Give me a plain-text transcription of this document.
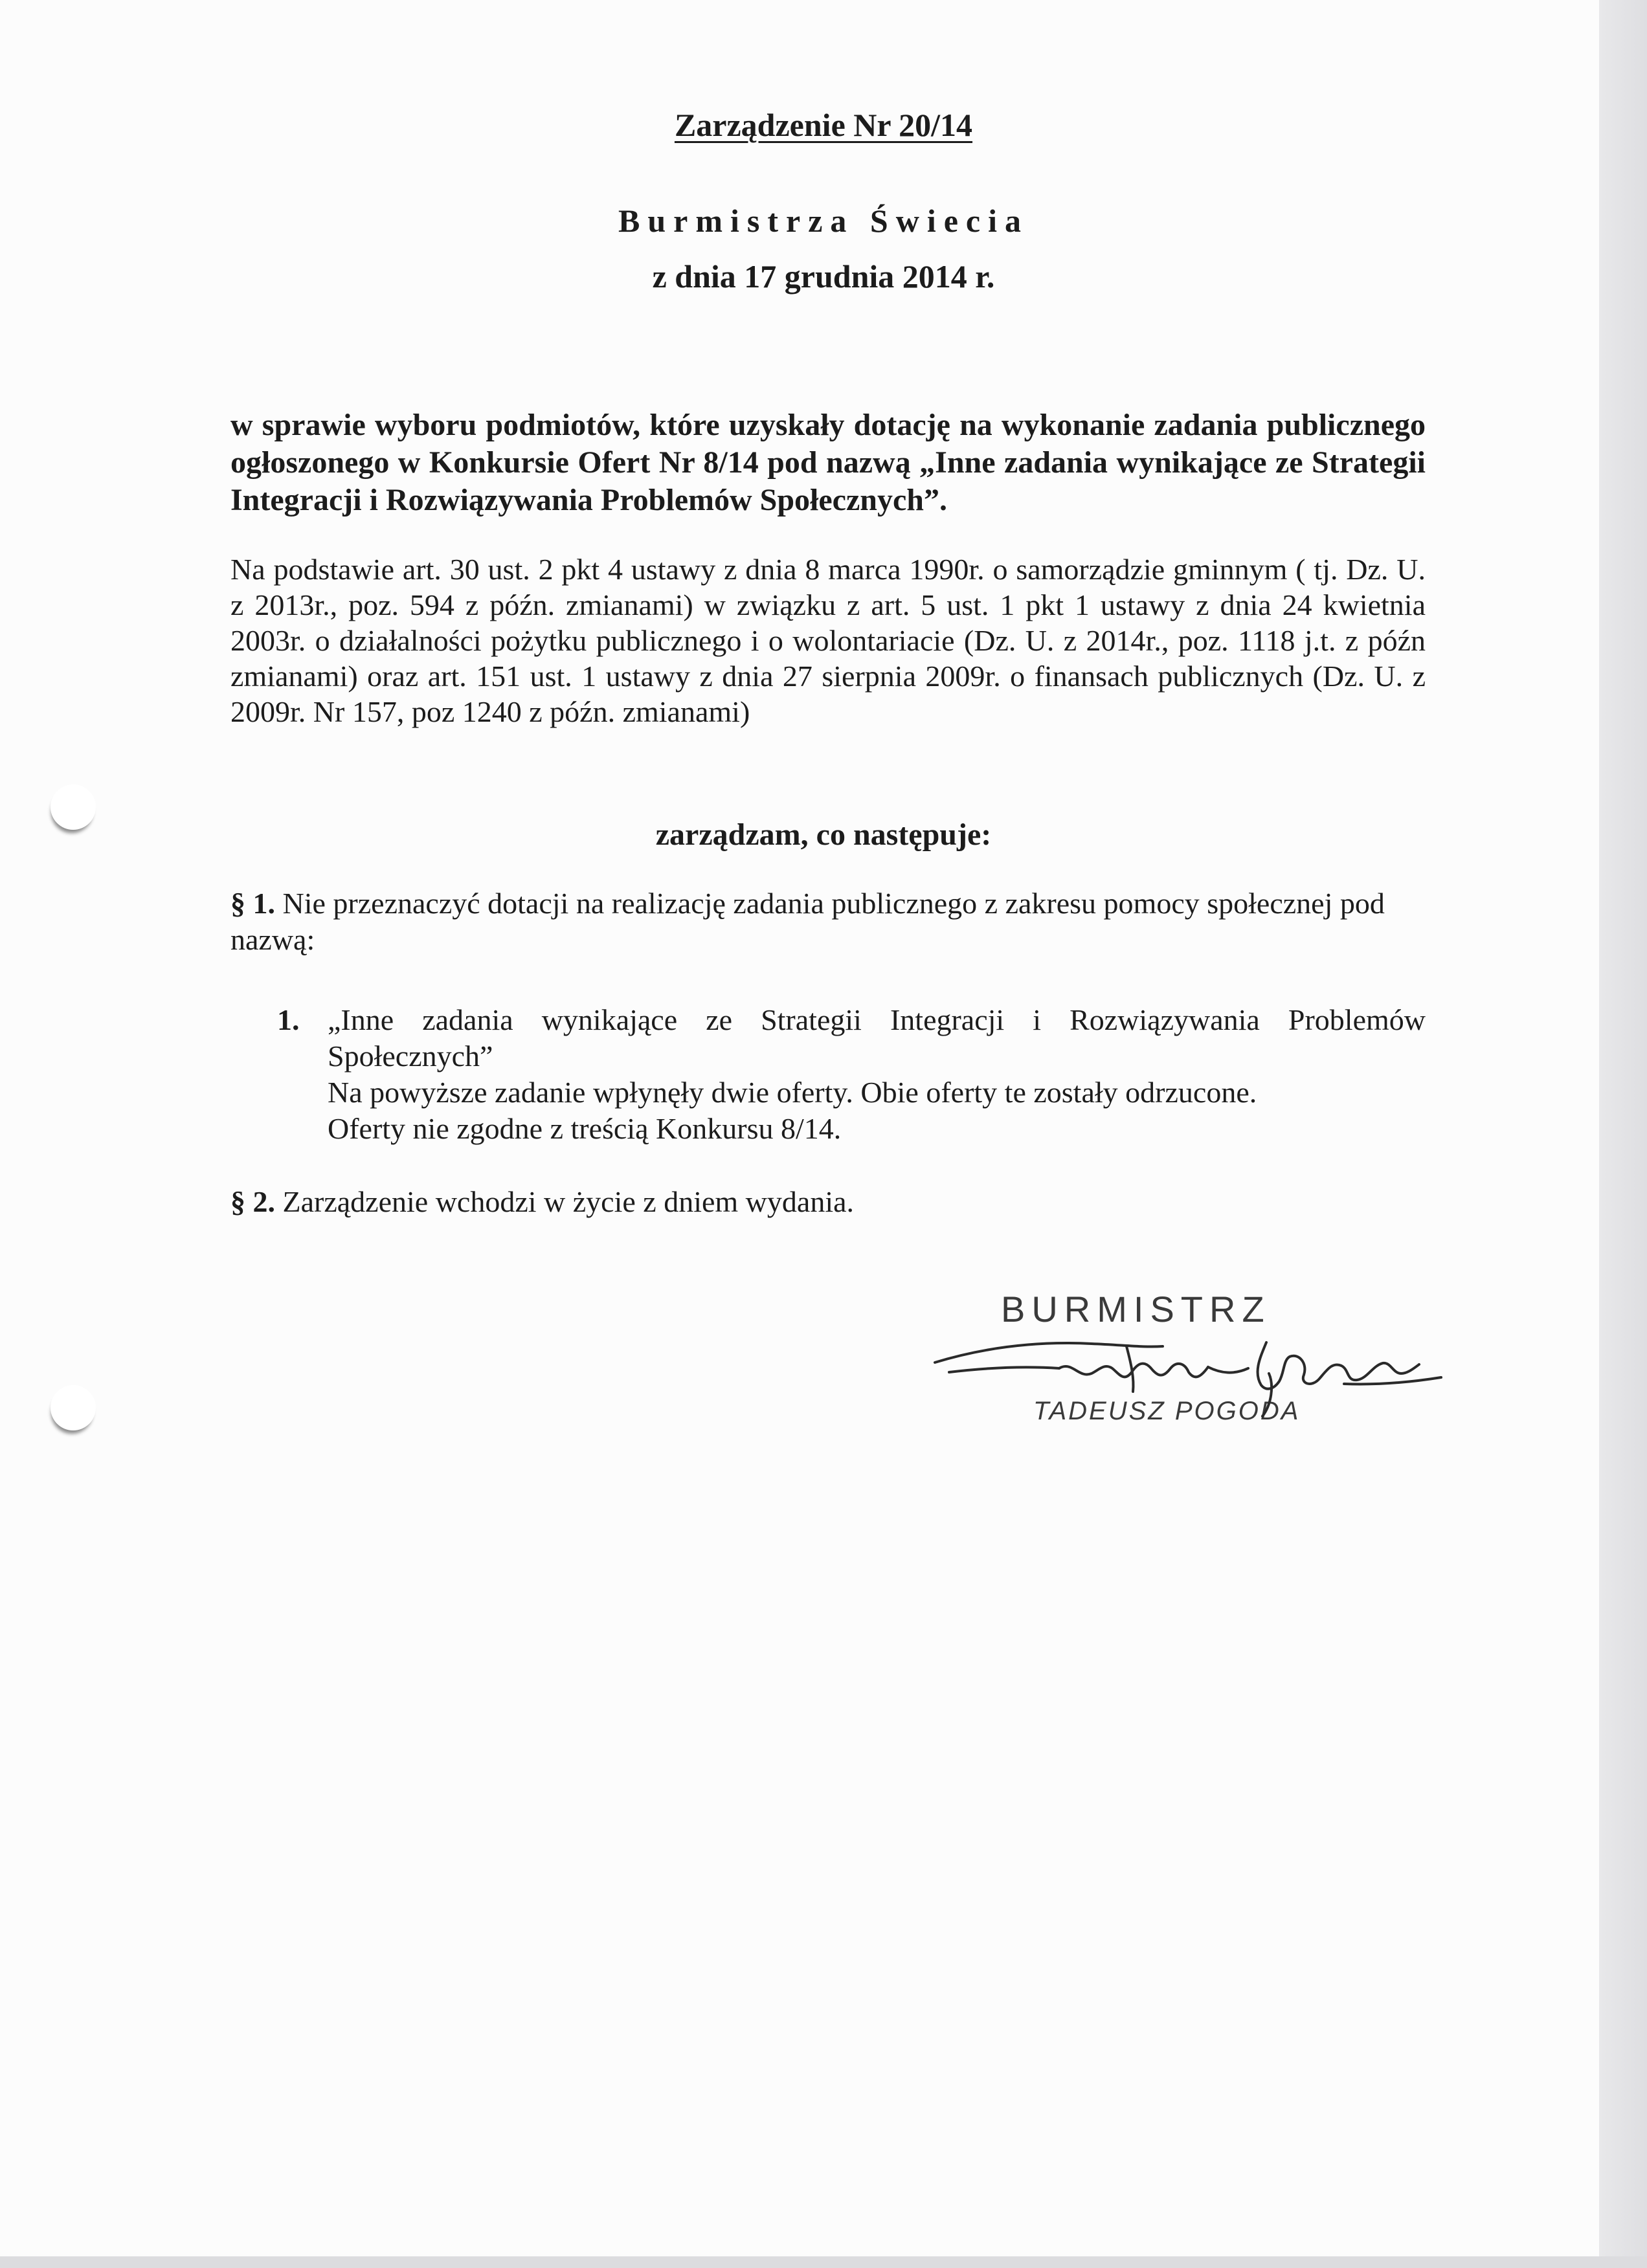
Zarządzenie Nr 20/14
Burmistrza Świecia
z dnia 17 grudnia 2014 r.

w sprawie wyboru podmiotów, które uzyskały dotację na wykonanie zadania publicznego ogłoszonego w Konkursie Ofert Nr 8/14 pod nazwą „Inne zadania wynikające ze Strategii Integracji i Rozwiązywania Problemów Społecznych”.

Na podstawie art. 30 ust. 2 pkt 4 ustawy z dnia 8 marca 1990r. o samorządzie gminnym ( tj. Dz. U. z 2013r., poz. 594 z późn. zmianami) w związku z art. 5 ust. 1 pkt 1 ustawy z dnia 24 kwietnia 2003r. o działalności pożytku publicznego i o wolontariacie (Dz. U. z 2014r., poz. 1118 j.t. z późn zmianami) oraz art. 151 ust. 1 ustawy z dnia 27 sierpnia 2009r. o finansach publicznych (Dz. U. z 2009r. Nr 157, poz 1240 z późn. zmianami)

zarządzam, co następuje:

§ 1. Nie przeznaczyć dotacji na realizację zadania publicznego z zakresu pomocy społecznej pod nazwą:

1. „Inne zadania wynikające ze Strategii Integracji i Rozwiązywania Problemów

Społecznych”

Na powyższe zadanie wpłynęły dwie oferty. Obie oferty te zostały odrzucone.

Oferty nie zgodne z treścią Konkursu 8/14.

§ 2. Zarządzenie wchodzi w życie z dniem wydania.

BURMISTRZ

TADEUSZ POGODA
